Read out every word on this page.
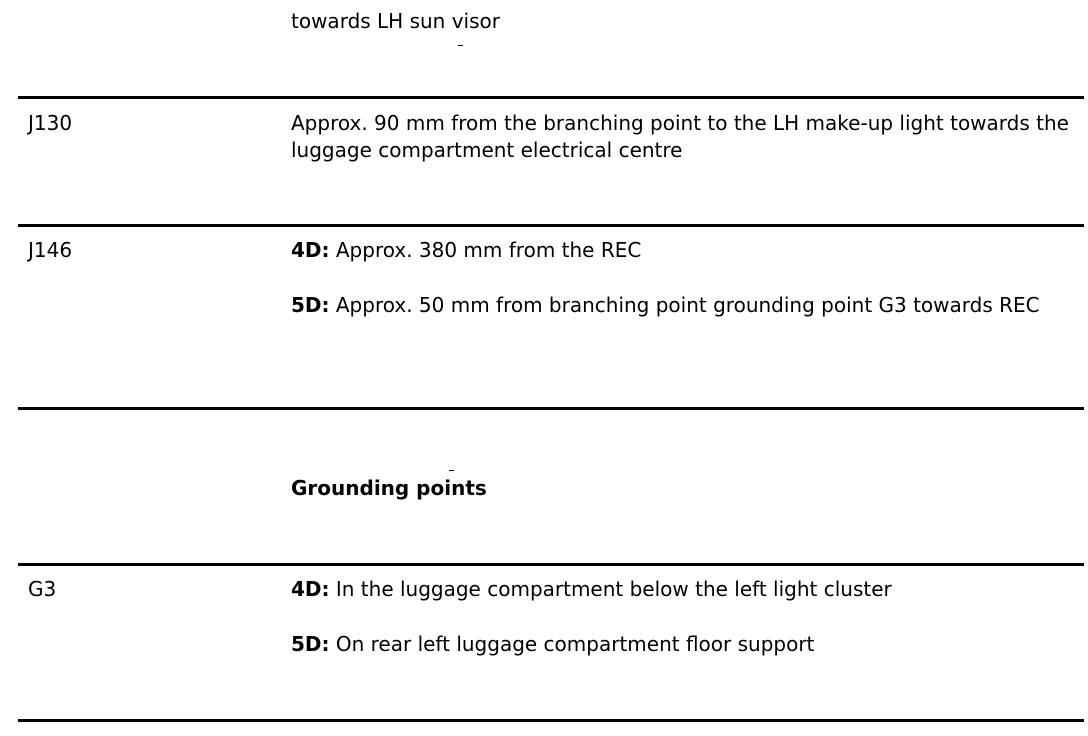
towards LH sun visor
J130	Approx. 90 mm from the branching point to the LH make-up light towards the luggage compartment electrical centre
J146	4D: Approx. 380 mm from the REC
5D: Approx. 50 mm from branching point grounding point G3 towards REC
Grounding points
G3	4D: In the luggage compartment below the left light cluster
5D: On rear left luggage compartment floor support
